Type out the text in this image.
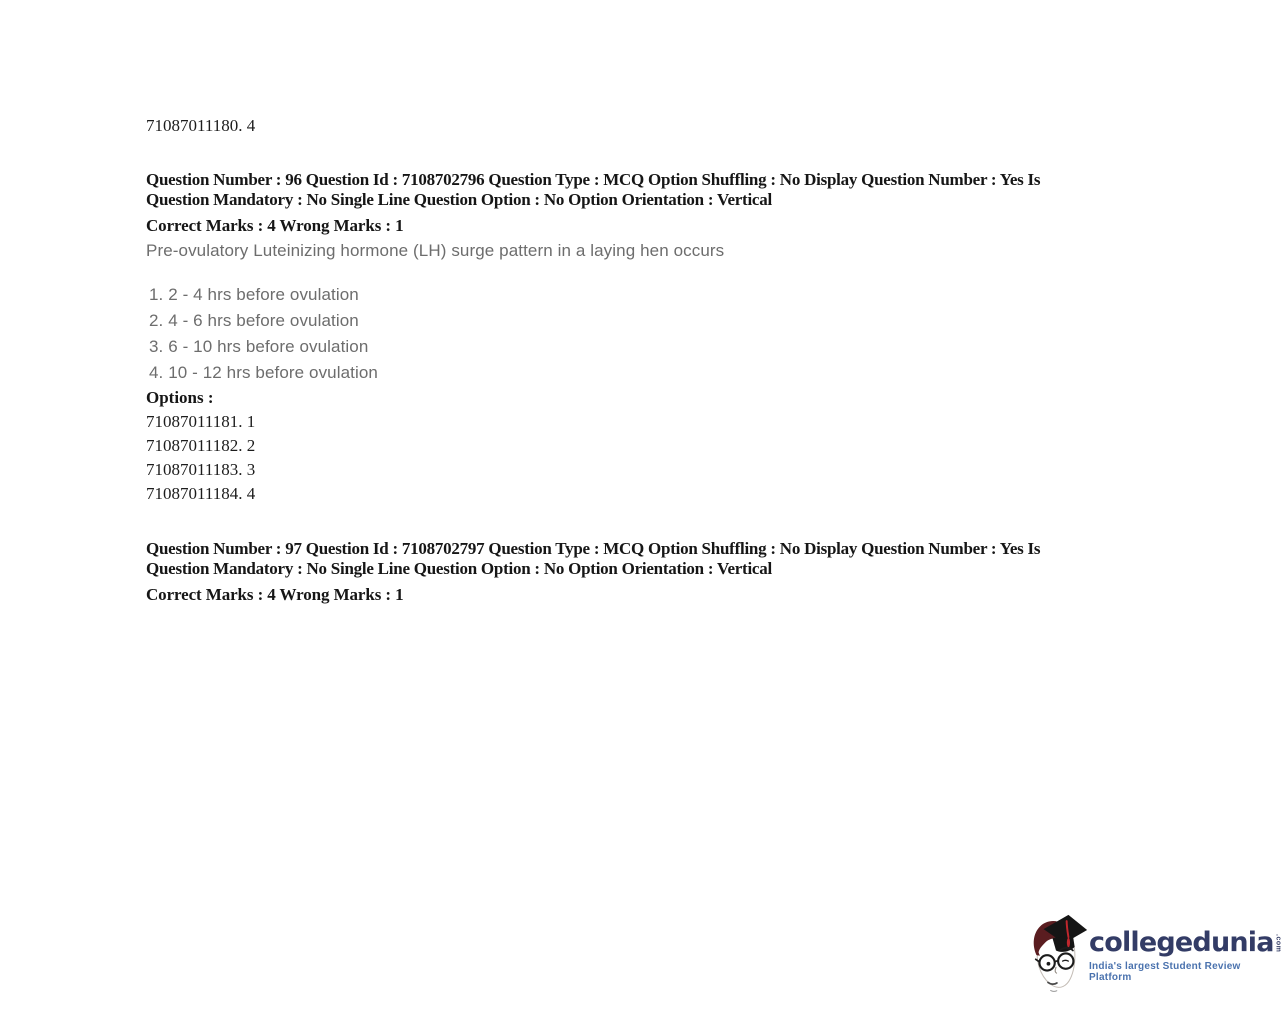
71087011180. 4
Question Number : 96 Question Id : 7108702796 Question Type : MCQ Option Shuffling : No Display Question Number : Yes Is
Question Mandatory : No Single Line Question Option : No Option Orientation : Vertical
Correct Marks : 4 Wrong Marks : 1
Pre-ovulatory Luteinizing hormone (LH) surge pattern in a laying hen occurs
1. 2 - 4 hrs before ovulation
2. 4 - 6 hrs before ovulation
3. 6 - 10 hrs before ovulation
4. 10 - 12 hrs before ovulation
Options :
71087011181. 1
71087011182. 2
71087011183. 3
71087011184. 4
Question Number : 97 Question Id : 7108702797 Question Type : MCQ Option Shuffling : No Display Question Number : Yes Is
Question Mandatory : No Single Line Question Option : No Option Orientation : Vertical
Correct Marks : 4 Wrong Marks : 1
collegedunia .com
India's largest Student Review Platform
